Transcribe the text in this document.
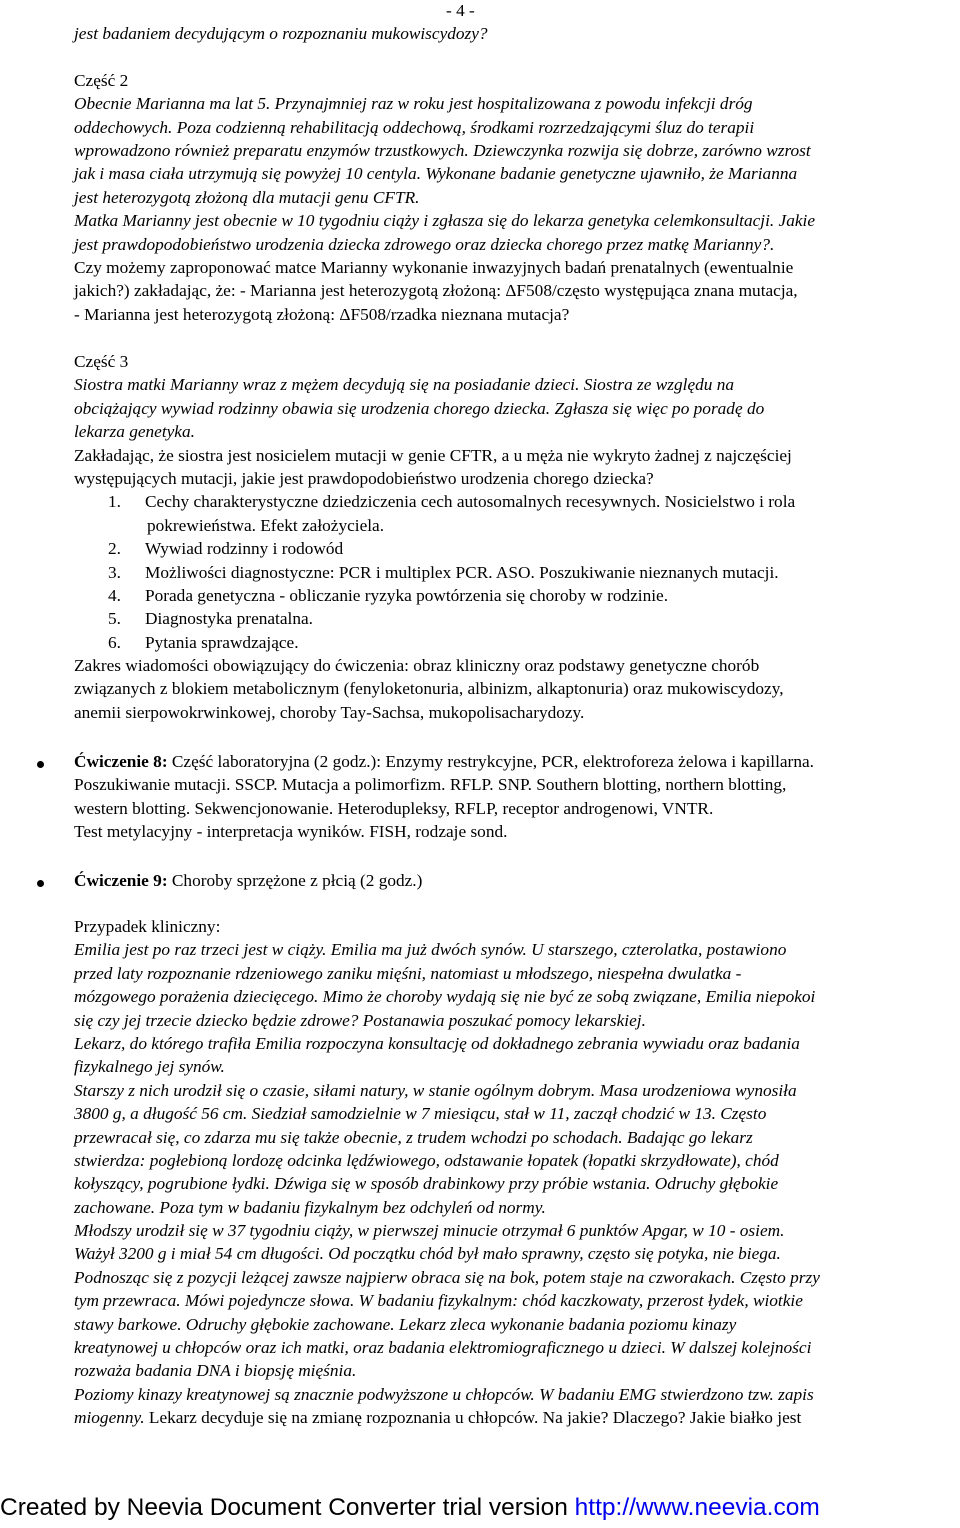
- 4 -
jest badaniem decydującym o rozpoznaniu mukowiscydozy?
Część 2
Obecnie Marianna ma lat 5. Przynajmniej raz w roku jest hospitalizowana z powodu infekcji dróg
oddechowych. Poza codzienną rehabilitacją oddechową, środkami rozrzedzającymi śluz do terapii
wprowadzono również preparatu enzymów trzustkowych. Dziewczynka rozwija się dobrze, zarówno wzrost
jak i masa ciała utrzymują się powyżej 10 centyla. Wykonane badanie genetyczne ujawniło, że Marianna
jest heterozygotą złożoną dla mutacji genu CFTR.
Matka Marianny jest obecnie w 10 tygodniu ciąży i zgłasza się do lekarza genetyka celemkonsultacji. Jakie
jest prawdopodobieństwo urodzenia dziecka zdrowego oraz dziecka chorego przez matkę Marianny?.
Czy możemy zaproponować matce Marianny wykonanie inwazyjnych badań prenatalnych (ewentualnie
jakich?) zakładając, że: - Marianna jest heterozygotą złożoną: ΔF508/często występująca znana mutacja,
- Marianna jest heterozygotą złożoną: ΔF508/rzadka nieznana mutacja?
Część 3
Siostra matki Marianny wraz z mężem decydują się na posiadanie dzieci. Siostra ze względu na
obciążający wywiad rodzinny obawia się urodzenia chorego dziecka. Zgłasza się więc po poradę do
lekarza genetyka.
Zakładając, że siostra jest nosicielem mutacji w genie CFTR, a u męża nie wykryto żadnej z najczęściej
występujących mutacji, jakie jest prawdopodobieństwo urodzenia chorego dziecka?
1. Cechy charakterystyczne dziedziczenia cech autosomalnych recesywnych. Nosicielstwo i rola
pokrewieństwa. Efekt założyciela.
2. Wywiad rodzinny i rodowód
3. Możliwości diagnostyczne: PCR i multiplex PCR. ASO. Poszukiwanie nieznanych mutacji.
4. Porada genetyczna - obliczanie ryzyka powtórzenia się choroby w rodzinie.
5. Diagnostyka prenatalna.
6. Pytania sprawdzające.
Zakres wiadomości obowiązujący do ćwiczenia: obraz kliniczny oraz podstawy genetyczne chorób
związanych z blokiem metabolicznym (fenyloketonuria, albinizm, alkaptonuria) oraz mukowiscydozy,
anemii sierpowokrwinkowej, choroby Tay-Sachsa, mukopolisacharydozy.
Ćwiczenie 8: Część laboratoryjna (2 godz.): Enzymy restrykcyjne, PCR, elektroforeza żelowa i kapillarna.
Poszukiwanie mutacji. SSCP. Mutacja a polimorfizm. RFLP. SNP. Southern blotting, northern blotting,
western blotting. Sekwencjonowanie. Heterodupleksy, RFLP, receptor androgenowi, VNTR.
Test metylacyjny - interpretacja wyników. FISH, rodzaje sond.
Ćwiczenie 9: Choroby sprzężone z płcią (2 godz.)
Przypadek kliniczny:
Emilia jest po raz trzeci jest w ciąży. Emilia ma już dwóch synów. U starszego, czterolatka, postawiono
przed laty rozpoznanie rdzeniowego zaniku mięśni, natomiast u młodszego, niespełna dwulatka -
mózgowego porażenia dziecięcego. Mimo że choroby wydają się nie być ze sobą związane, Emilia niepokoi
się czy jej trzecie dziecko będzie zdrowe? Postanawia poszukać pomocy lekarskiej.
Lekarz, do którego trafiła Emilia rozpoczyna konsultację od dokładnego zebrania wywiadu oraz badania
fizykalnego jej synów.
Starszy z nich urodził się o czasie, siłami natury, w stanie ogólnym dobrym. Masa urodzeniowa wynosiła
3800 g, a długość 56 cm. Siedział samodzielnie w 7 miesiącu, stał w 11, zaczął chodzić w 13. Często
przewracał się, co zdarza mu się także obecnie, z trudem wchodzi po schodach. Badając go lekarz
stwierdza: pogłebioną lordozę odcinka lędźwiowego, odstawanie łopatek (łopatki skrzydłowate), chód
kołyszący, pogrubione łydki. Dźwiga się w sposób drabinkowy przy próbie wstania. Odruchy głębokie
zachowane. Poza tym w badaniu fizykalnym bez odchyleń od normy.
Młodszy urodził się w 37 tygodniu ciąży, w pierwszej minucie otrzymał 6 punktów Apgar, w 10 - osiem.
Ważył 3200 g i miał 54 cm długości. Od początku chód był mało sprawny, często się potyka, nie biega.
Podnosząc się z pozycji leżącej zawsze najpierw obraca się na bok, potem staje na czworakach. Często przy
tym przewraca. Mówi pojedyncze słowa. W badaniu fizykalnym: chód kaczkowaty, przerost łydek, wiotkie
stawy barkowe. Odruchy głębokie zachowane. Lekarz zleca wykonanie badania poziomu kinazy
kreatynowej u chłopców oraz ich matki, oraz badania elektromiograficznego u dzieci. W dalszej kolejności
rozważa badania DNA i biopsję mięśnia.
Poziomy kinazy kreatynowej są znacznie podwyższone u chłopców. W badaniu EMG stwierdzono tzw. zapis
miogenny. Lekarz decyduje się na zmianę rozpoznania u chłopców. Na jakie? Dlaczego? Jakie białko jest
Created by Neevia Document Converter trial version http://www.neevia.com
